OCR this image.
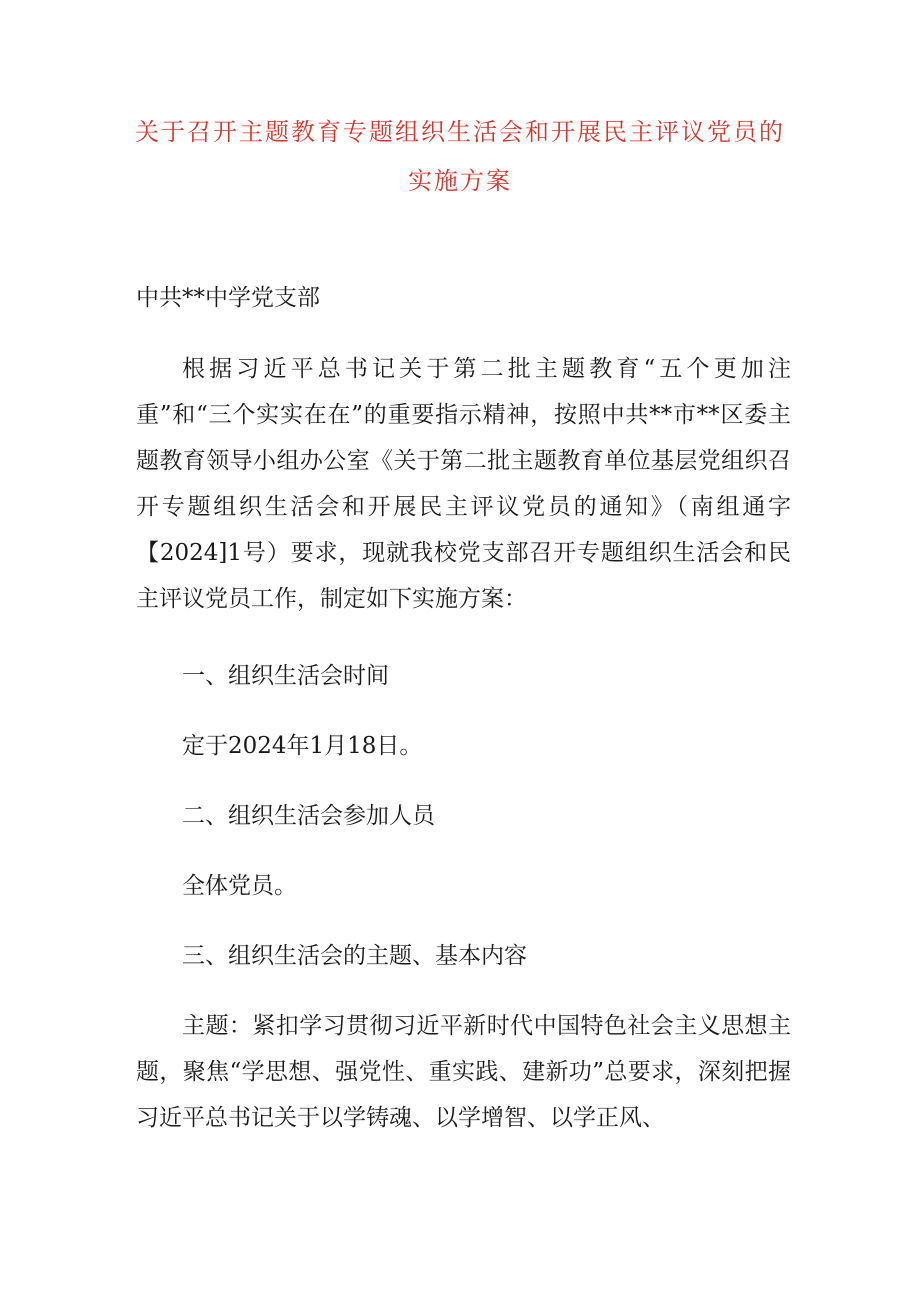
关于召开主题教育专题组织生活会和开展民主评议党员的
实施方案
中共**中学党支部

根据习近平总书记关于第二批主题教育“五个更加注重”和“三个实实在在”的重要指示精神，按照中共**市**区委主题教育领导小组办公室《关于第二批主题教育单位基层党组织召开专题组织生活会和开展民主评议党员的通知》（南组通字【2024]1号）要求，现就我校党支部召开专题组织生活会和民主评议党员工作，制定如下实施方案：

一、组织生活会时间
定于2024年1月18日。
二、组织生活会参加人员
全体党员。
三、组织生活会的主题、基本内容

主题：紧扣学习贯彻习近平新时代中国特色社会主义思想主题，聚焦“学思想、强党性、重实践、建新功”总要求，深刻把握习近平总书记关于以学铸魂、以学增智、以学正风、
